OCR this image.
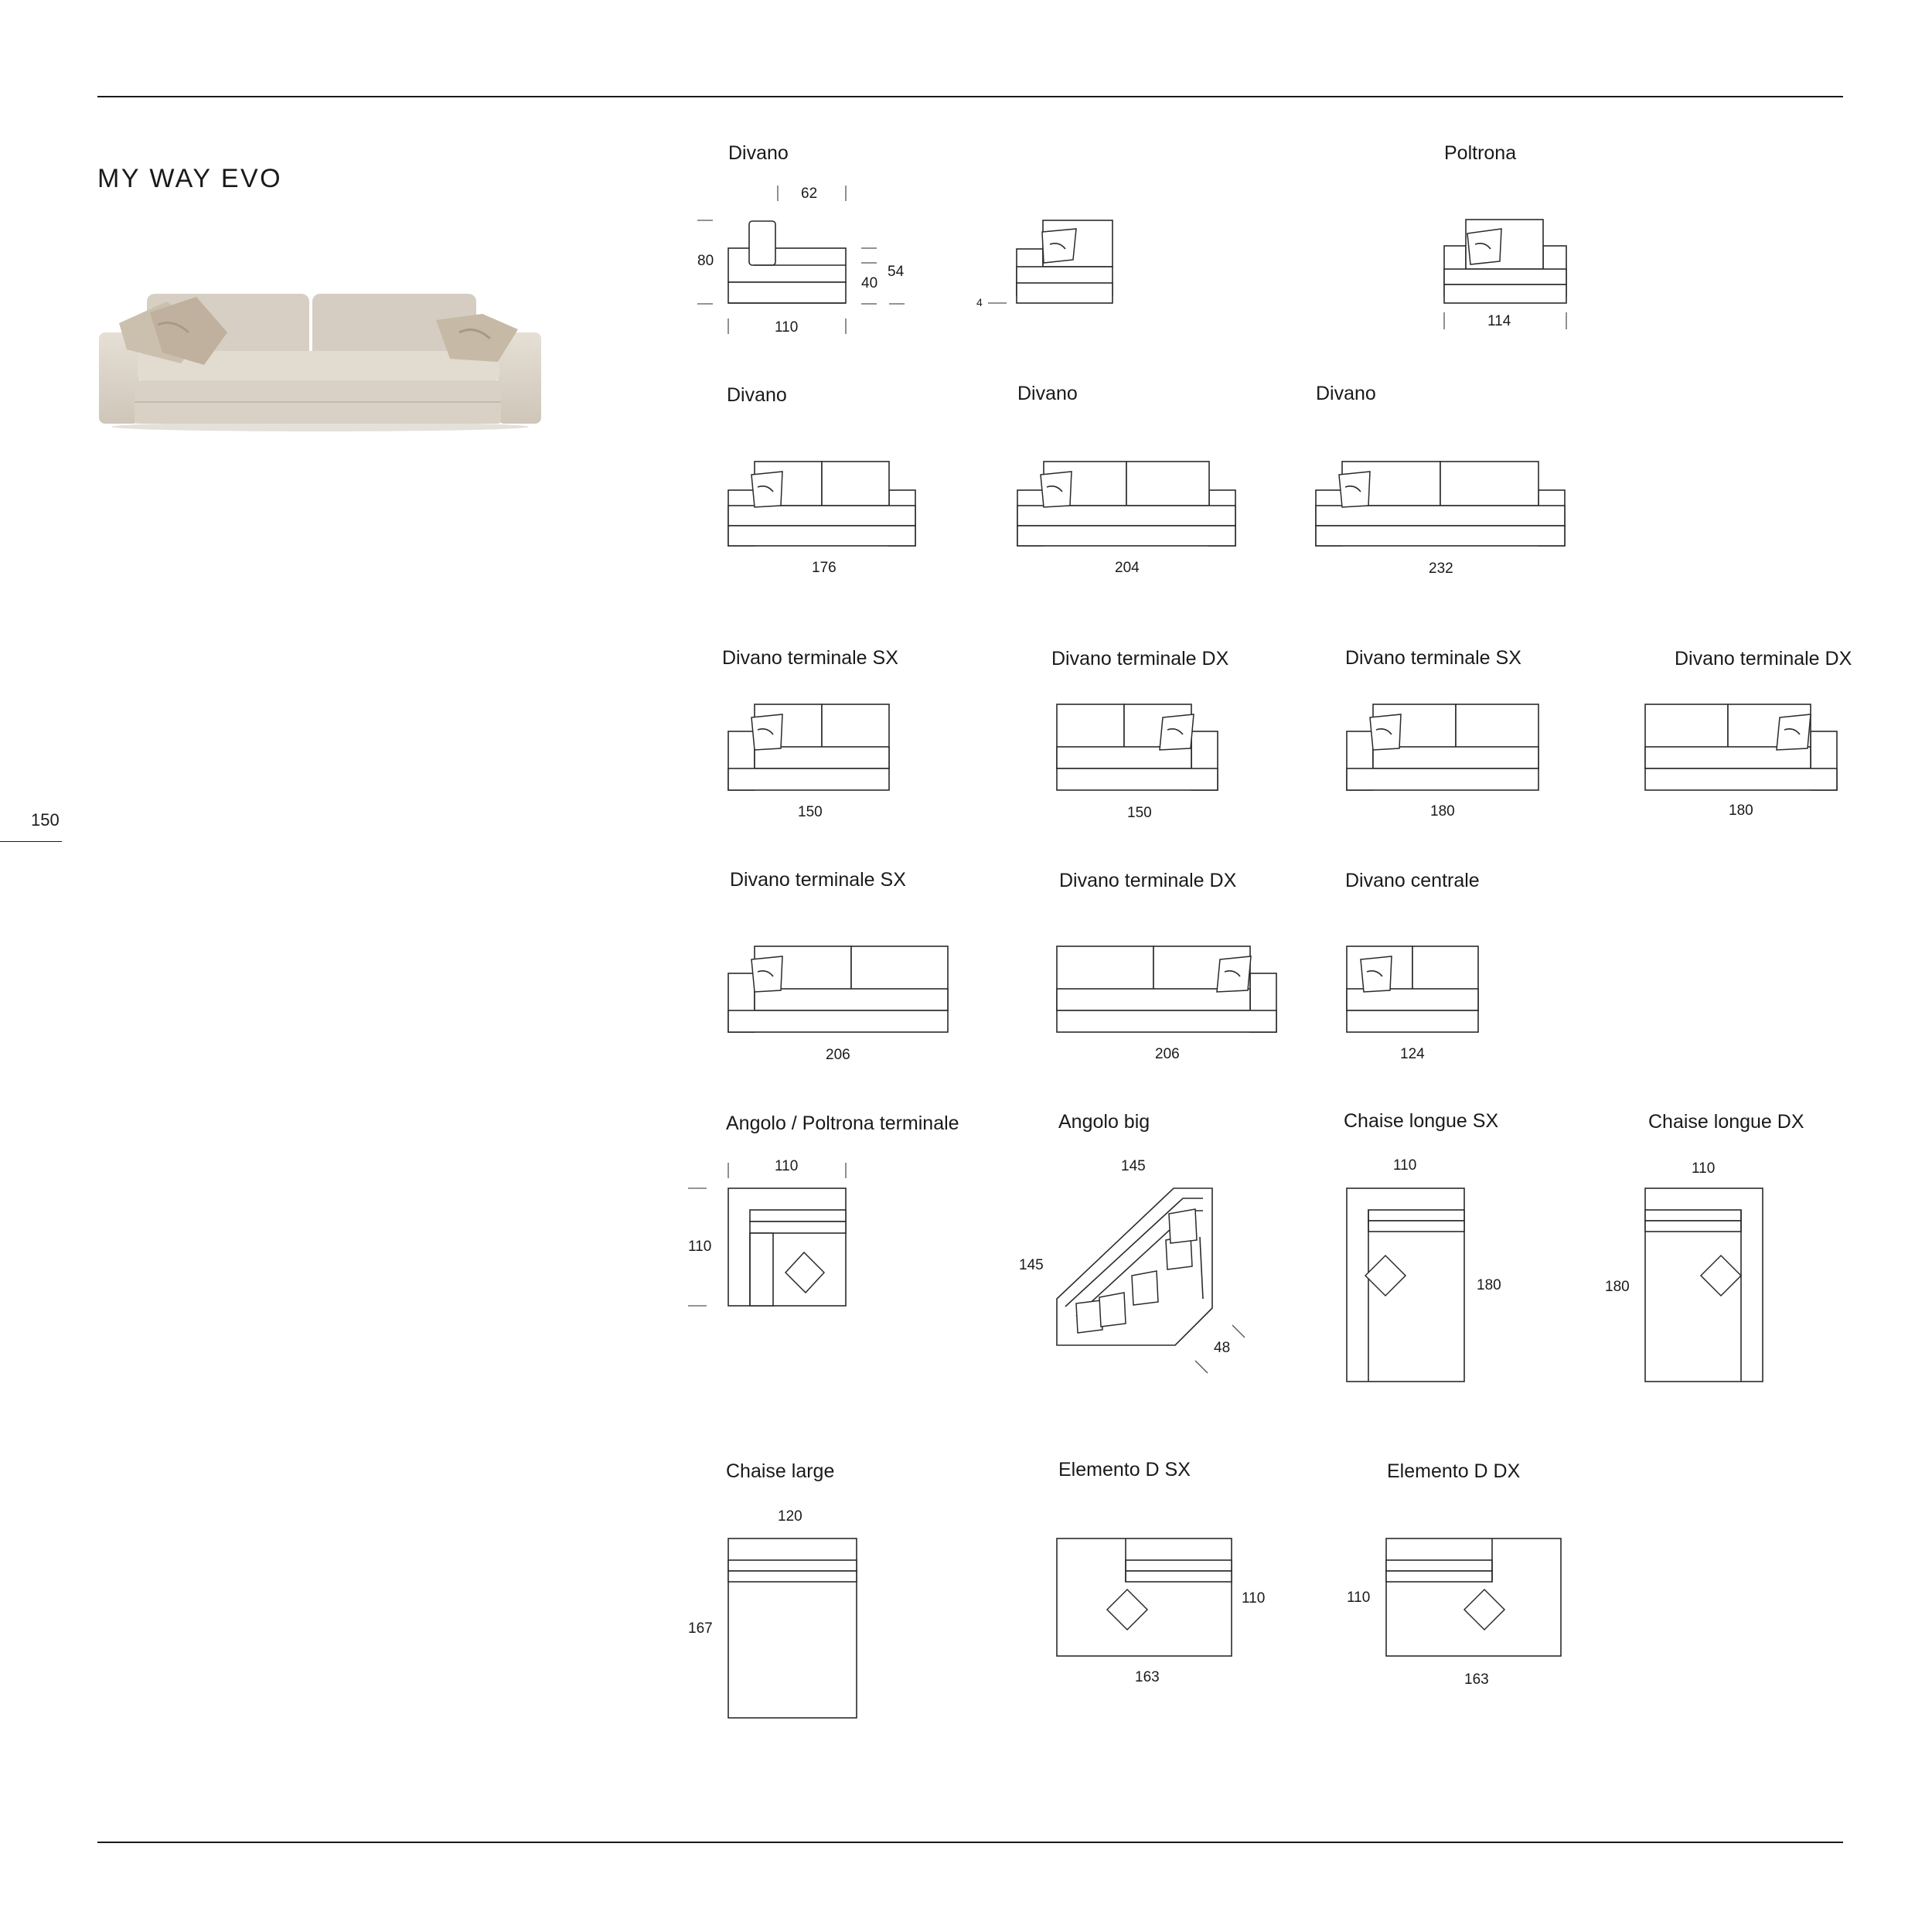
MY WAY EVO
150
Divano	Poltrona
Divano	Divano	Divano
Divano terminale SX	Divano terminale DX	Divano terminale SX	Divano terminale DX
Divano terminale SX	Divano terminale DX	Divano centrale
Angolo / Poltrona terminale	Angolo big	Chaise longue SX	Chaise longue DX
Chaise large	Elemento D SX	Elemento D DX
62
80
40
54
110
4
114
176	204	232
150	150	180	180
206	206	124
110
110
145
145
48
110
180
110
180
120
167
110
163
110
163
